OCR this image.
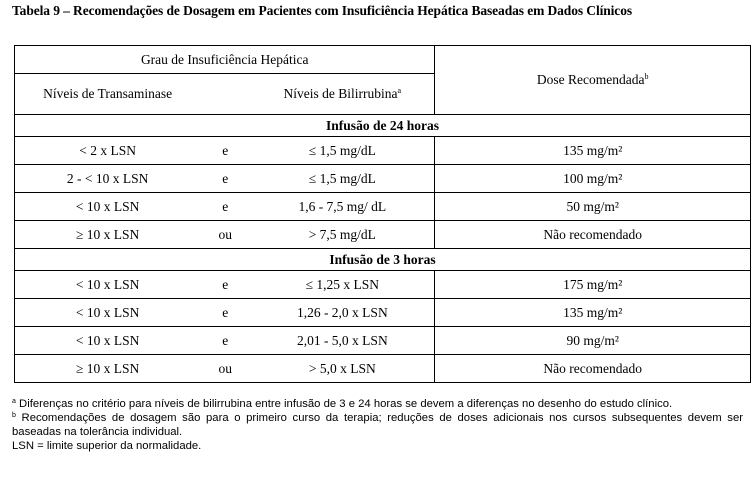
Tabela 9 – Recomendações de Dosagem em Pacientes com Insuficiência Hepática Baseadas em Dados Clínicos
Grau de Insuficiência Hepática			Dose Recomendada$^b$
Níveis de Transaminase		Níveis de Bilirrubina$^a$
Infusão de 24 horas			
< 2 x LSN	e	≤ 1,5 mg/dL	135 mg/m²
2 - < 10 x LSN	e	≤ 1,5 mg/dL	100 mg/m²
< 10 x LSN	e	1,6 - 7,5 mg/ dL	50 mg/m²
≥ 10 x LSN	ou	> 7,5 mg/dL	Não recomendado
Infusão de 3 horas			
< 10 x LSN	e	≤ 1,25 x LSN	175 mg/m²
< 10 x LSN	e	1,26 - 2,0 x LSN	135 mg/m²
< 10 x LSN	e	2,01 - 5,0 x LSN	90 mg/m²
≥ 10 x LSN	ou	> 5,0 x LSN	Não recomendado
$^a$ Diferenças no critério para níveis de bilirrubina entre infusão de 3 e 24 horas se devem a diferenças no desenho do estudo clínico.
$^b$ Recomendações de dosagem são para o primeiro curso da terapia; reduções de doses adicionais nos cursos subsequentes devem ser baseadas na tolerância individual.
LSN = limite superior da normalidade.
